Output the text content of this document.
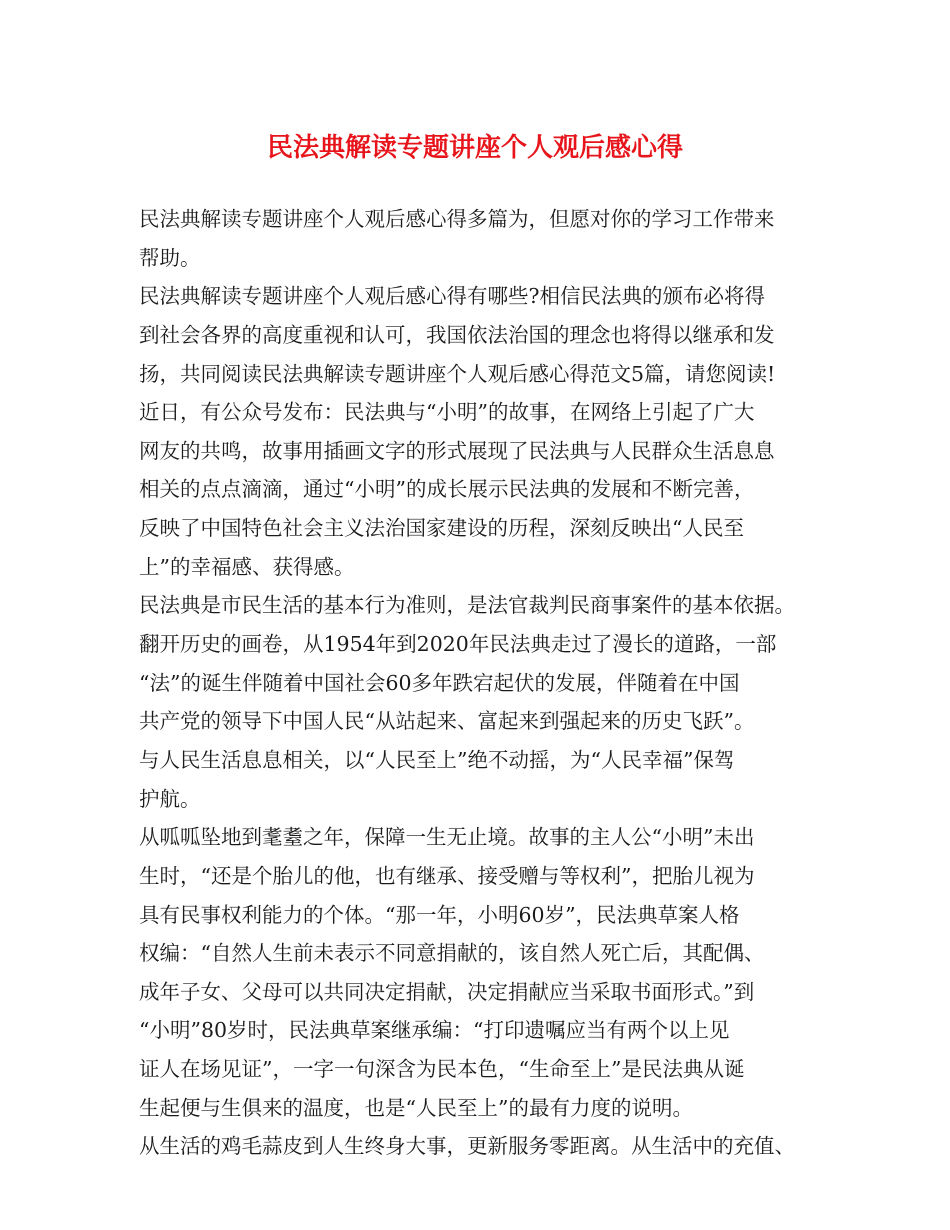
民法典解读专题讲座个人观后感心得
民法典解读专题讲座个人观后感心得多篇为，但愿对你的学习工作带来
帮助。
民法典解读专题讲座个人观后感心得有哪些?相信民法典的颁布必将得
到社会各界的高度重视和认可，我国依法治国的理念也将得以继承和发
扬，共同阅读民法典解读专题讲座个人观后感心得范文5篇，请您阅读!
近日，有公众号发布：民法典与“小明”的故事，在网络上引起了广大
网友的共鸣，故事用插画文字的形式展现了民法典与人民群众生活息息
相关的点点滴滴，通过“小明”的成长展示民法典的发展和不断完善，
反映了中国特色社会主义法治国家建设的历程，深刻反映出“人民至
上”的幸福感、获得感。
民法典是市民生活的基本行为准则，是法官裁判民商事案件的基本依据。
翻开历史的画卷，从1954年到2020年民法典走过了漫长的道路，一部
“法”的诞生伴随着中国社会60多年跌宕起伏的发展，伴随着在中国
共产党的领导下中国人民“从站起来、富起来到强起来的历史飞跃”。
与人民生活息息相关，以“人民至上”绝不动摇，为“人民幸福”保驾
护航。
从呱呱坠地到耄耋之年，保障一生无止境。故事的主人公“小明”未出
生时，“还是个胎儿的他，也有继承、接受赠与等权利”，把胎儿视为
具有民事权利能力的个体。“那一年，小明60岁”，民法典草案人格
权编：“自然人生前未表示不同意捐献的，该自然人死亡后，其配偶、
成年子女、父母可以共同决定捐献，决定捐献应当采取书面形式。”到
“小明”80岁时，民法典草案继承编：“打印遗嘱应当有两个以上见
证人在场见证”，一字一句深含为民本色，“生命至上”是民法典从诞
生起便与生俱来的温度，也是“人民至上”的最有力度的说明。
从生活的鸡毛蒜皮到人生终身大事，更新服务零距离。从生活中的充值、
